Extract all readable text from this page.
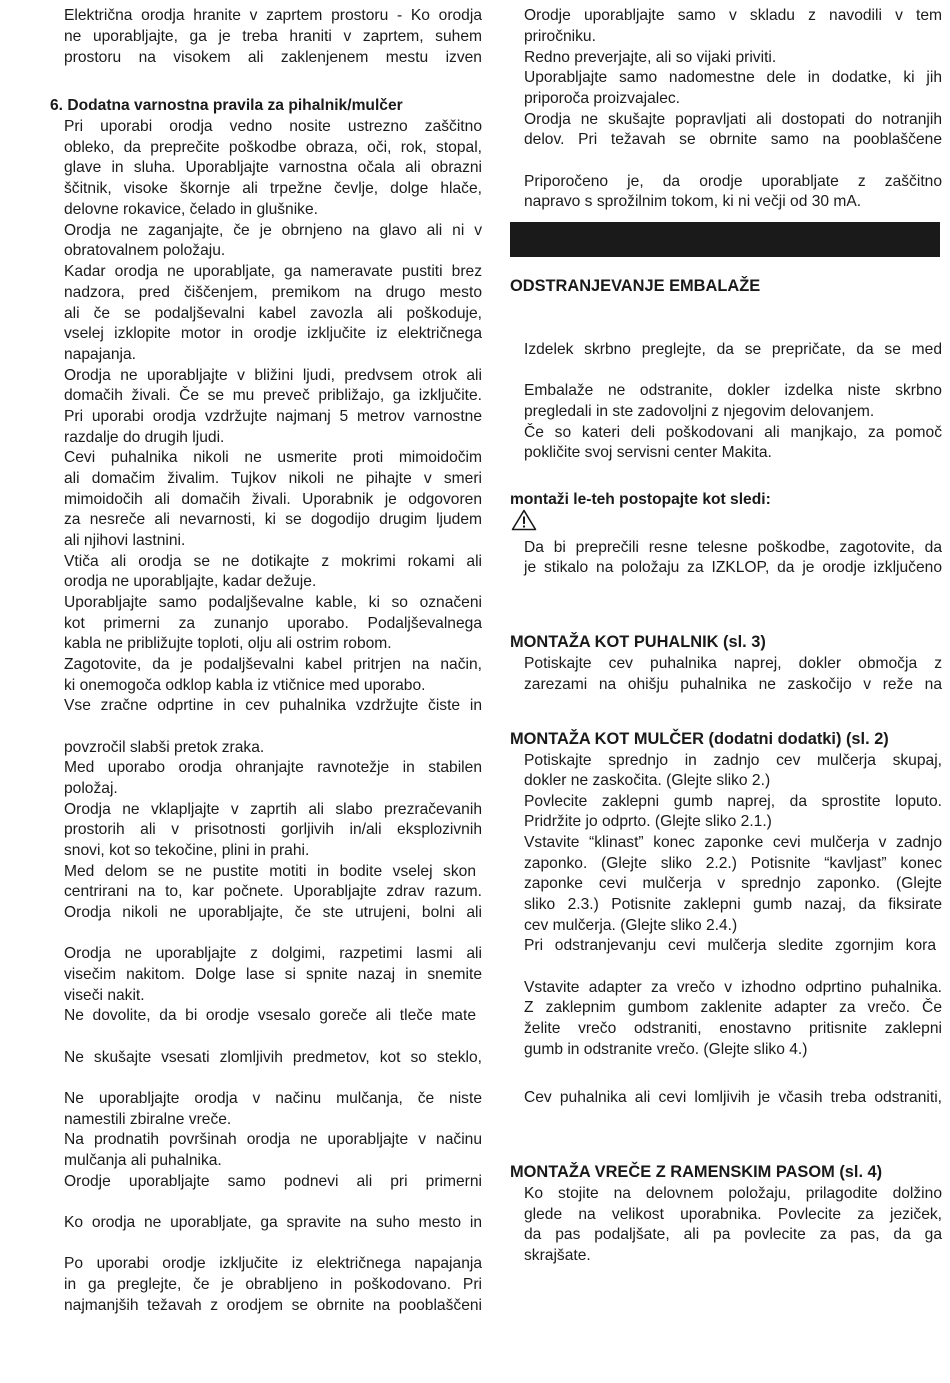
Električna orodja hranite v zaprtem prostoru - Ko orodja
ne uporabljajte, ga je treba hraniti v zaprtem, suhem
prostoru na visokem ali zaklenjenem mestu izven
6. Dodatna varnostna pravila za pihalnik/mulčer
Pri uporabi orodja vedno nosite ustrezno zaščitno
obleko, da preprečite poškodbe obraza, oči, rok, stopal,
glave in sluha. Uporabljajte varnostna očala ali obrazni
ščitnik, visoke škornje ali trpežne čevlje, dolge hlače,
delovne rokavice, čelado in glušnike.
Orodja ne zaganjajte, če je obrnjeno na glavo ali ni v
obratovalnem položaju.
Kadar orodja ne uporabljate, ga nameravate pustiti brez
nadzora, pred čiščenjem, premikom na drugo mesto
ali če se podaljševalni kabel zavozla ali poškoduje,
vselej izklopite motor in orodje izključite iz električnega
napajanja.
Orodja ne uporabljajte v bližini ljudi, predvsem otrok ali
domačih živali. Če se mu preveč približajo, ga izključite.
Pri uporabi orodja vzdržujte najmanj 5 metrov varnostne
razdalje do drugih ljudi.
Cevi puhalnika nikoli ne usmerite proti mimoidočim
ali domačim živalim. Tujkov nikoli ne pihajte v smeri
mimoidočih ali domačih živali. Uporabnik je odgovoren
za nesreče ali nevarnosti, ki se dogodijo drugim ljudem
ali njihovi lastnini.
Vtiča ali orodja se ne dotikajte z mokrimi rokami ali
orodja ne uporabljajte, kadar dežuje.
Uporabljajte samo podaljševalne kable, ki so označeni
kot primerni za zunanjo uporabo. Podaljševalnega
kabla ne približujte toploti, olju ali ostrim robom.
Zagotovite, da je podaljševalni kabel pritrjen na način,
ki onemogoča odklop kabla iz vtičnice med uporabo.
Vse zračne odprtine in cev puhalnika vzdržujte čiste in
povzročil slabši pretok zraka.
Med uporabo orodja ohranjajte ravnotežje in stabilen
položaj.
Orodja ne vklapljajte v zaprtih ali slabo prezračevanih
prostorih ali v prisotnosti gorljivih in/ali eksplozivnih
snovi, kot so tekočine, plini in prahi.
Med delom se ne pustite motiti in bodite vselej skon
centrirani na to, kar počnete. Uporabljajte zdrav razum.
Orodja nikoli ne uporabljajte, če ste utrujeni, bolni ali
Orodja ne uporabljajte z dolgimi, razpetimi lasmi ali
visečim nakitom. Dolge lase si spnite nazaj in snemite
viseči nakit.
Ne dovolite, da bi orodje vsesalo goreče ali tleče mate
Ne skušajte vsesati zlomljivih predmetov, kot so steklo,
Ne uporabljajte orodja v načinu mulčanja, če niste
namestili zbiralne vreče.
Na prodnatih površinah orodja ne uporabljajte v načinu
mulčanja ali puhalnika.
Orodje uporabljajte samo podnevi ali pri primerni
Ko orodja ne uporabljate, ga spravite na suho mesto in
Po uporabi orodje izključite iz električnega napajanja
in ga preglejte, če je obrabljeno in poškodovano. Pri
najmanjših težavah z orodjem se obrnite na pooblaščeni
Orodje uporabljajte samo v skladu z navodili v tem
priročniku.
Redno preverjajte, ali so vijaki priviti.
Uporabljajte samo nadomestne dele in dodatke, ki jih
priporoča proizvajalec.
Orodja ne skušajte popravljati ali dostopati do notranjih
delov. Pri težavah se obrnite samo na pooblaščene
Priporočeno je, da orodje uporabljate z zaščitno
napravo s sprožilnim tokom, ki ni večji od 30 mA.
ODSTRANJEVANJE EMBALAŽE
Izdelek skrbno preglejte, da se prepričate, da se med
Embalaže ne odstranite, dokler izdelka niste skrbno
pregledali in ste zadovoljni z njegovim delovanjem.
Če so kateri deli poškodovani ali manjkajo, za pomoč
pokličite svoj servisni center Makita.
montaži le-teh postopajte kot sledi:
Da bi preprečili resne telesne poškodbe, zagotovite, da
je stikalo na položaju za IZKLOP, da je orodje izključeno
MONTAŽA KOT PUHALNIK (sl. 3)
Potiskajte cev puhalnika naprej, dokler območja z
zarezami na ohišju puhalnika ne zaskočijo v reže na
MONTAŽA KOT MULČER (dodatni dodatki) (sl. 2)
Potiskajte sprednjo in zadnjo cev mulčerja skupaj,
dokler ne zaskočita. (Glejte sliko 2.)
Povlecite zaklepni gumb naprej, da sprostite loputo.
Pridržite jo odprto. (Glejte sliko 2.1.)
Vstavite “klinast” konec zaponke cevi mulčerja v zadnjo
zaponko. (Glejte sliko 2.2.) Potisnite “kavljast” konec
zaponke cevi mulčerja v sprednjo zaponko. (Glejte
sliko 2.3.) Potisnite zaklepni gumb nazaj, da fiksirate
cev mulčerja. (Glejte sliko 2.4.)
Pri odstranjevanju cevi mulčerja sledite zgornjim kora
Vstavite adapter za vrečo v izhodno odprtino puhalnika.
Z zaklepnim gumbom zaklenite adapter za vrečo. Če
želite vrečo odstraniti, enostavno pritisnite zaklepni
gumb in odstranite vrečo. (Glejte sliko 4.)
Cev puhalnika ali cevi lomljivih je včasih treba odstraniti,
MONTAŽA VREČE Z RAMENSKIM PASOM (sl. 4)
Ko stojite na delovnem položaju, prilagodite dolžino
glede na velikost uporabnika. Povlecite za jeziček,
da pas podaljšate, ali pa povlecite za pas, da ga
skrajšate.
